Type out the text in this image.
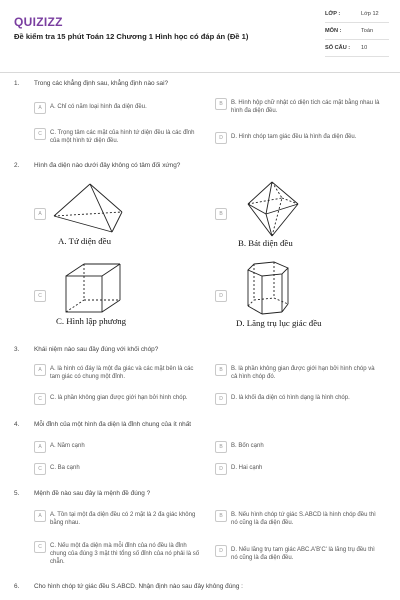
QUIZIZZ
Đề kiểm tra 15 phút Toán 12 Chương 1 Hình học có đáp án (Đề 1)
LỚP :	Lớp 12
MÔN :	Toán
SỐ CÂU :	10
1.	Trong các khẳng định sau, khẳng định nào sai?
A	A. Chỉ có năm loại hình đa diện đều.	B	B. Hình hộp chữ nhật có diện tích các mặt bằng nhau là hình đa diện đều.
C	C. Trọng tâm các mặt của hình tứ diện đều là các đỉnh của một hình tứ diện đều.	D	D. Hình chóp tam giác đều là hình đa diện đều.
2.	Hình đa diện nào dưới đây không có tâm đối xứng?
A
A. Tứ diện đều
B
B. Bát diện đều
C
C. Hình lập phương
D
D. Lăng trụ lục giác đều
3.	Khái niệm nào sau đây đúng với khối chóp?
A	A. là hình có đáy là một đa giác và các mặt bên là các tam giác có chung một đỉnh.
B	B. là phần không gian được giới hạn bởi hình chóp và cả hình chóp đó.
C	C. là phần không gian được giới hạn bởi hình chóp.	D	D. là khối đa diện có hình dạng là hình chóp.
4.	Mỗi đỉnh của một hình đa diện là đỉnh chung của ít nhất
A	A. Năm cạnh	B	B. Bốn cạnh
C	C. Ba cạnh	D	D. Hai cạnh
5.	Mệnh đề nào sau đây là mệnh đề đúng ?
A	A. Tồn tại một đa diện đều có 2 mặt là 2 đa giác không bằng nhau.
B	B. Nếu hình chóp tứ giác S.ABCD là hình chóp đều thì nó cũng là đa diện đều.
C	C. Nếu một đa diện mà mỗi đỉnh của nó đều là đỉnh chung của đúng 3 mặt thì tổng số đỉnh của nó phải là số chẵn.
D	D. Nếu lăng trụ tam giác ABC.A'B'C' là lăng trụ đều thì nó cũng là đa diện đều.
6.	Cho hình chóp tứ giác đều S.ABCD. Nhận định nào sau đây không đúng :
